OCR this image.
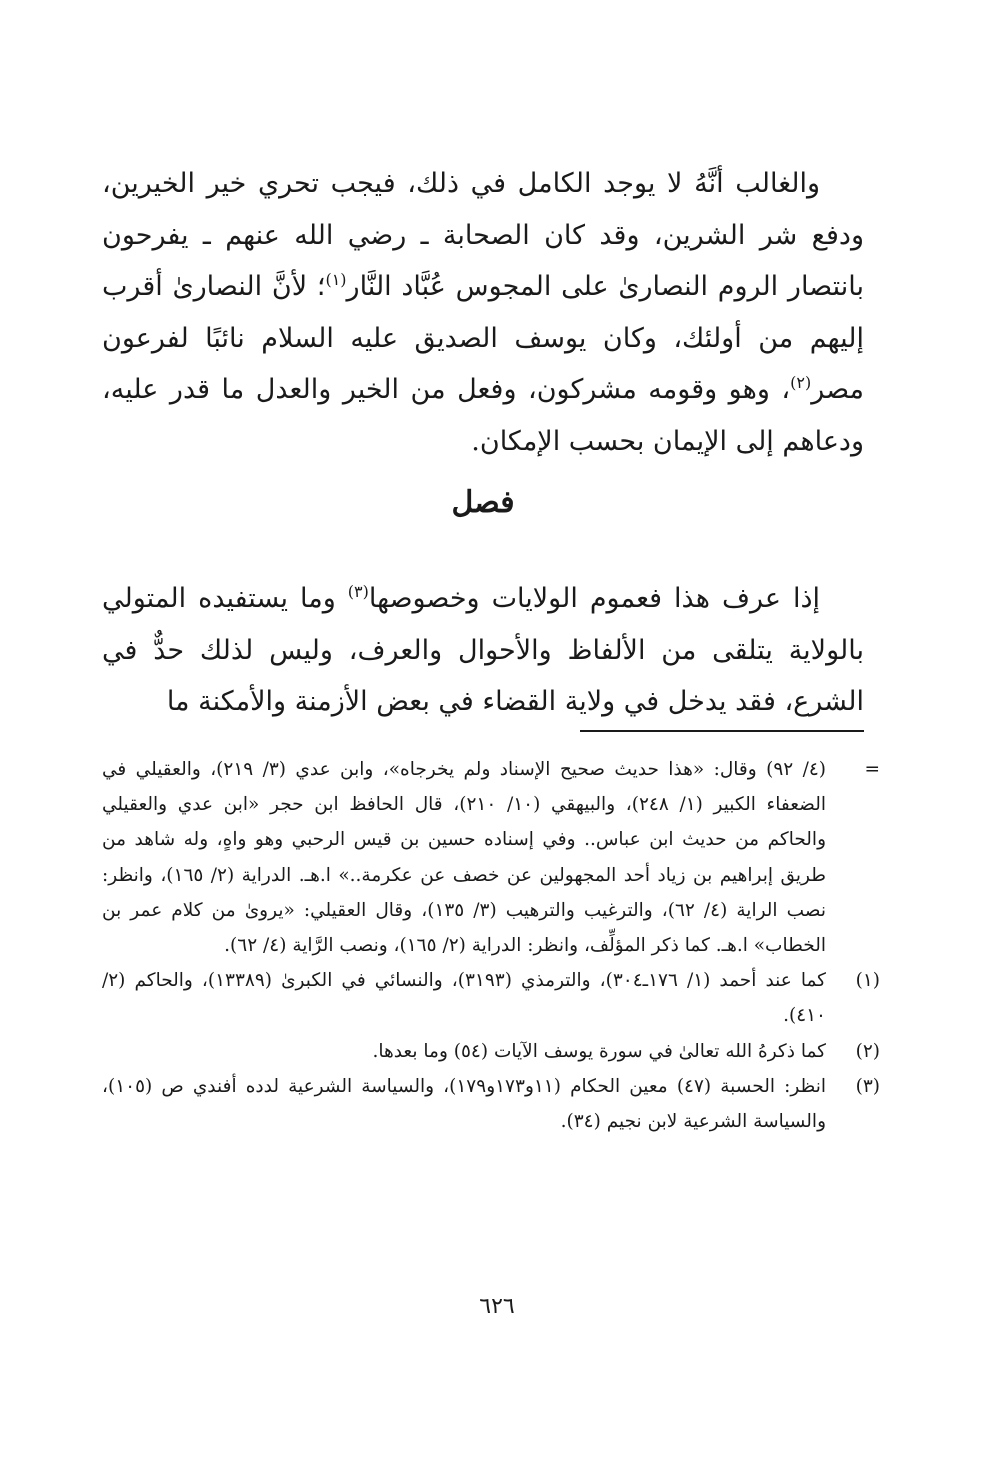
والغالب أنَّهُ لا يوجد الكامل في ذلك، فيجب تحري خير الخيرين، ودفع شر الشرين، وقد كان الصحابة ـ رضي الله عنهم ـ يفرحون بانتصار الروم النصارىٰ على المجوس عُبَّاد النَّار$^{(١)}$؛ لأنَّ النصارىٰ أقرب إليهم من أولئك، وكان يوسف الصديق عليه السلام نائبًا لفرعون مصر$^{(٢)}$، وهو وقومه مشركون، وفعل من الخير والعدل ما قدر عليه، ودعاهم إلى الإيمان بحسب الإمكان.

فصل

إذا عرف هذا فعموم الولايات وخصوصها$^{(٣)}$ وما يستفيده المتولي بالولاية يتلقى من الألفاظ والأحوال والعرف، وليس لذلك حدٌّ في الشرع، فقد يدخل في ولاية القضاء في بعض الأزمنة والأمكنة ما

=
(٤/ ٩٢) وقال: «هذا حديث صحيح الإسناد ولم يخرجاه»، وابن عدي (٣/ ٢١٩)، والعقيلي في الضعفاء الكبير (١/ ٢٤٨)، والبيهقي (١٠/ ٢١٠)، قال الحافظ ابن حجر «ابن عدي والعقيلي والحاكم من حديث ابن عباس.. وفي إسناده حسين بن قيس الرحبي وهو واهٍ، وله شاهد من طريق إبراهيم بن زياد أحد المجهولين عن خصف عن عكرمة..» ا.هـ. الدراية (٢/ ١٦٥)، وانظر: نصب الراية (٤/ ٦٢)، والترغيب والترهيب (٣/ ١٣٥)، وقال العقيلي: «يروىٰ من كلام عمر بن الخطاب» ا.هـ. كما ذكر المؤلِّف، وانظر: الدراية (٢/ ١٦٥)، ونصب الرَّاية (٤/ ٦٢).
(١)
كما عند أحمد (١/ ١٧٦ـ٣٠٤)، والترمذي (٣١٩٣)، والنسائي في الكبرىٰ (١٣٣٨٩)، والحاكم (٢/ ٤١٠).
(٢)
كما ذكرهُ الله تعالىٰ في سورة يوسف الآيات (٥٤) وما بعدها.
(٣)
انظر: الحسبة (٤٧) معين الحكام (١١و١٧٣و١٧٩)، والسياسة الشرعية لدده أفندي ص (١٠٥)، والسياسة الشرعية لابن نجيم (٣٤).
٦٢٦
